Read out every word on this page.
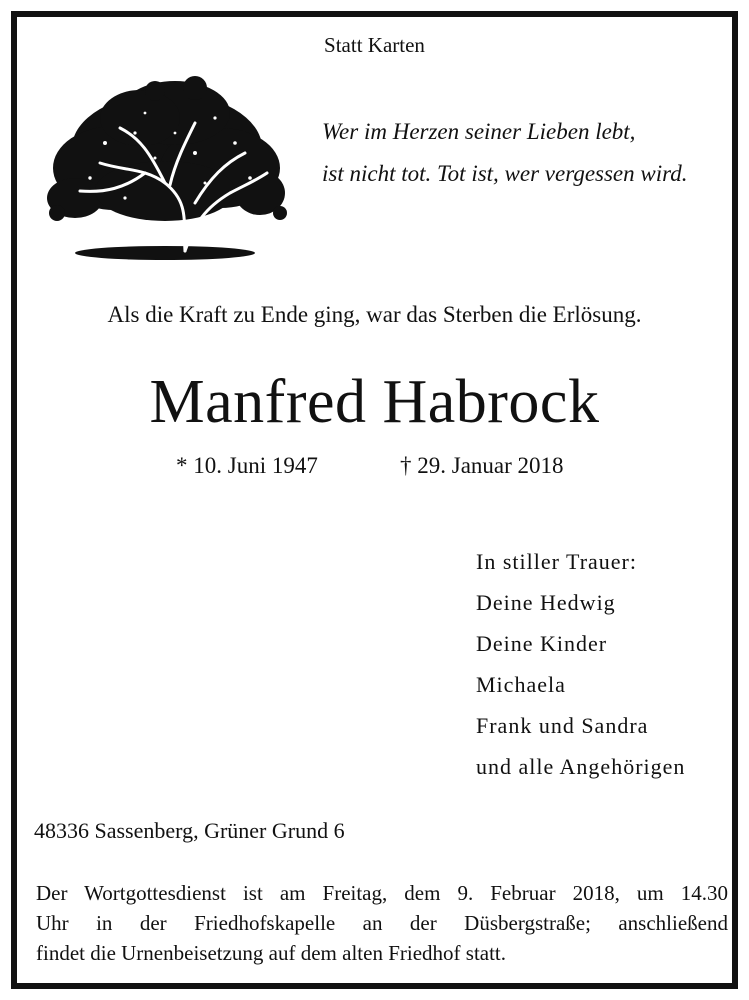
Statt Karten
Wer im Herzen seiner Lieben lebt,
ist nicht tot. Tot ist, wer vergessen wird.
Als die Kraft zu Ende ging, war das Sterben die Erlösung.
Manfred Habrock
* 10. Juni 1947	† 29. Januar 2018
In stiller Trauer:
Deine Hedwig
Deine Kinder
Michaela
Frank und Sandra
und alle Angehörigen
48336 Sassenberg, Grüner Grund 6
Der Wortgottesdienst ist am Freitag, dem 9. Februar 2018, um 14.30
Uhr in der Friedhofskapelle an der Düsbergstraße; anschließend
findet die Urnenbeisetzung auf dem alten Friedhof statt.
